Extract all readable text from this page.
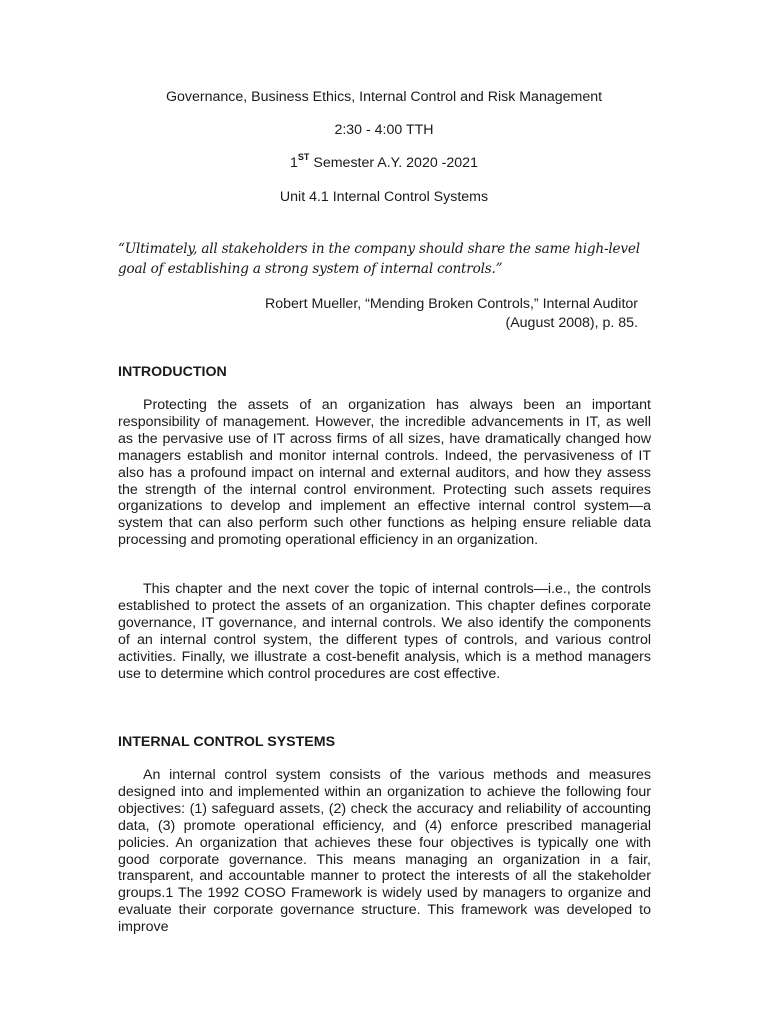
Governance, Business Ethics, Internal Control and Risk Management
2:30 - 4:00 TTH
1ST Semester A.Y. 2020 -2021
Unit 4.1 Internal Control Systems
“Ultimately, all stakeholders in the company should share the same high-level goal of establishing a strong system of internal controls.”
Robert Mueller, “Mending Broken Controls,” Internal Auditor
(August 2008), p. 85.
INTRODUCTION

Protecting the assets of an organization has always been an important responsibility of management. However, the incredible advancements in IT, as well as the pervasive use of IT across firms of all sizes, have dramatically changed how managers establish and monitor internal controls. Indeed, the pervasiveness of IT also has a profound impact on internal and external auditors, and how they assess the strength of the internal control environment. Protecting such assets requires organizations to develop and implement an effective internal control system—a system that can also perform such other functions as helping ensure reliable data processing and promoting operational efficiency in an organization.

This chapter and the next cover the topic of internal controls—i.e., the controls established to protect the assets of an organization. This chapter defines corporate governance, IT governance, and internal controls. We also identify the components of an internal control system, the different types of controls, and various control activities. Finally, we illustrate a cost-benefit analysis, which is a method managers use to determine which control procedures are cost effective.

INTERNAL CONTROL SYSTEMS

An internal control system consists of the various methods and measures designed into and implemented within an organization to achieve the following four objectives: (1) safeguard assets, (2) check the accuracy and reliability of accounting data, (3) promote operational efficiency, and (4) enforce prescribed managerial policies. An organization that achieves these four objectives is typically one with good corporate governance. This means managing an organization in a fair, transparent, and accountable manner to protect the interests of all the stakeholder groups.1 The 1992 COSO Framework is widely used by managers to organize and evaluate their corporate governance structure. This framework was developed to improve
